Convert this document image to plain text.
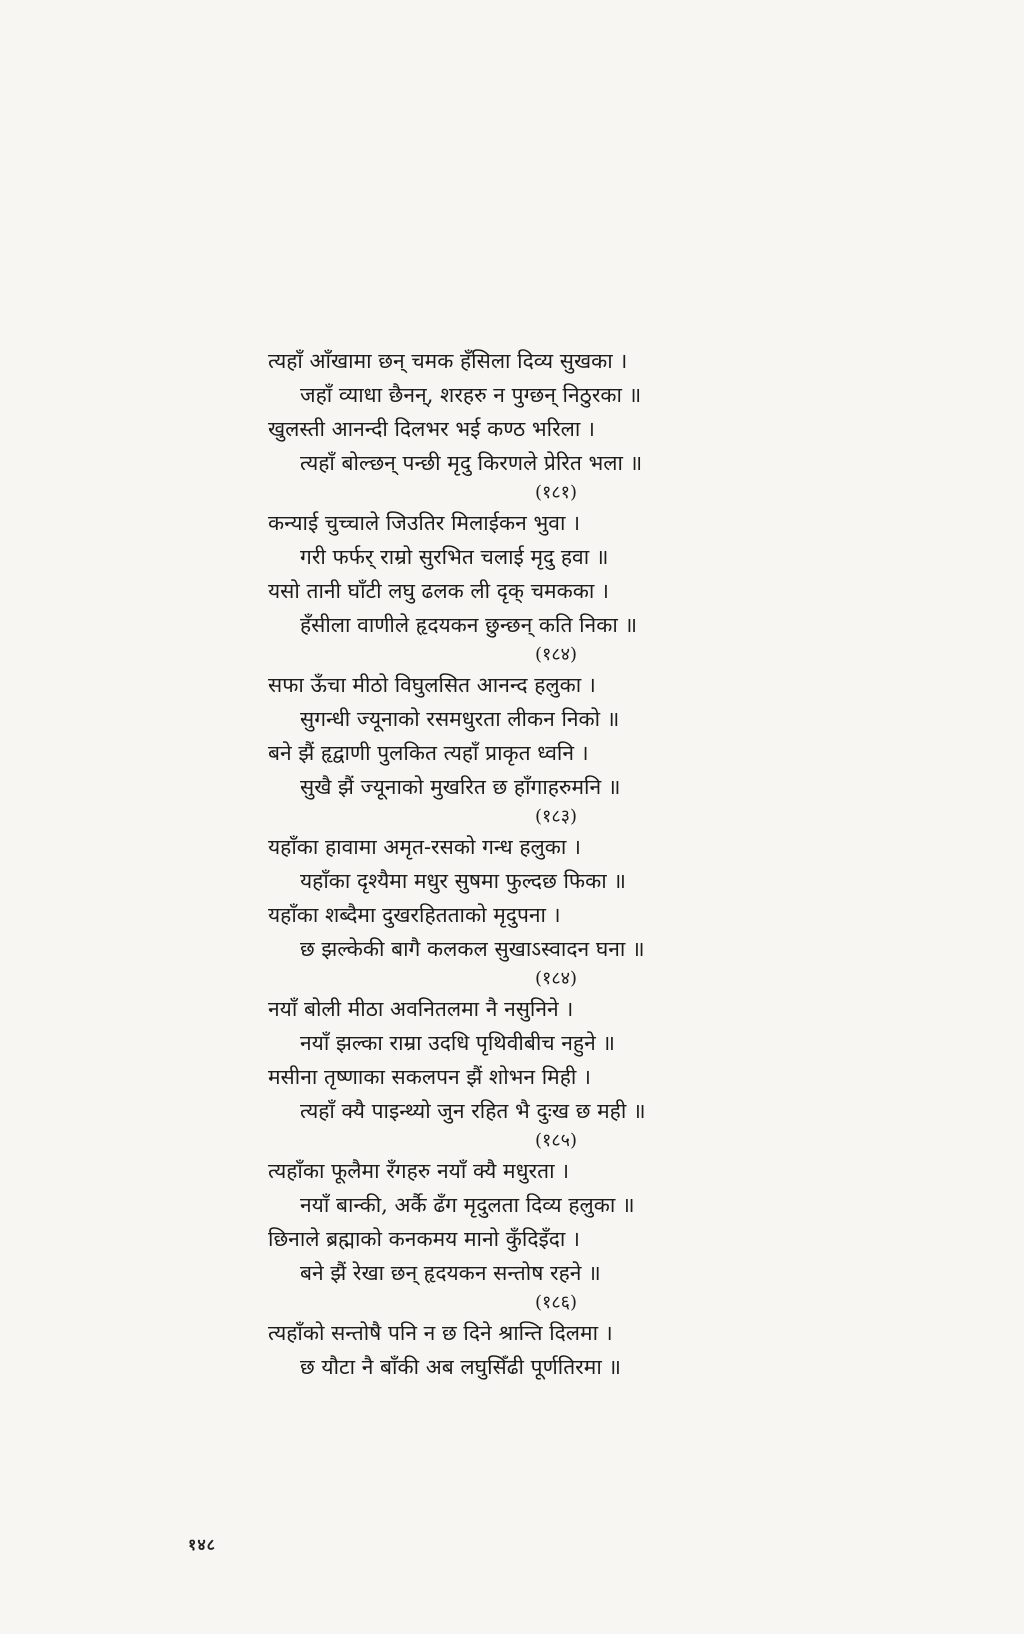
त्यहाँ आँखामा छन् चमक हँसिला दिव्य सुखका ।
जहाँ व्याधा छैनन्, शरहरु न पुग्छन् निठुरका ॥
खुलस्ती आनन्दी दिलभर भई कण्ठ भरिला ।
त्यहाँ बोल्छन् पन्छी मृदु किरणले प्रेरित भला ॥
(१८१)
कन्याई चुच्चाले जिउतिर मिलाईकन भुवा ।
गरी फर्फर् राम्रो सुरभित चलाई मृदु हवा ॥
यसो तानी घाँटी लघु ढलक ली दृक् चमकका ।
हँसीला वाणीले हृदयकन छुन्छन् कति निका ॥
(१८४)
सफा ऊँचा मीठो विघुलसित आनन्द हलुका ।
सुगन्धी ज्यूनाको रसमधुरता लीकन निको ॥
बने झैं हृद्वाणी पुलकित त्यहाँ प्राकृत ध्वनि ।
सुखै झैं ज्यूनाको मुखरित छ हाँगाहरुमनि ॥
(१८३)
यहाँका हावामा अमृत-रसको गन्ध हलुका ।
यहाँका दृश्यैमा मधुर सुषमा फुल्दछ फिका ॥
यहाँका शब्दैमा दुखरहितताको मृदुपना ।
छ झल्केकी बागै कलकल सुखाऽस्वादन घना ॥
(१८४)
नयाँ बोली मीठा अवनितलमा नै नसुनिने ।
नयाँ झल्का राम्रा उदधि पृथिवीबीच नहुने ॥
मसीना तृष्णाका सकलपन झैं शोभन मिही ।
त्यहाँ क्यै पाइन्थ्यो जुन रहित भै दुःख छ मही ॥
(१८५)
त्यहाँका फूलैमा रँगहरु नयाँ क्यै मधुरता ।
नयाँ बान्की, अर्कै ढँग मृदुलता दिव्य हलुका ॥
छिनाले ब्रह्माको कनकमय मानो कुँदिइँदा ।
बने झैं रेखा छन् हृदयकन सन्तोष रहने ॥
(१८६)
त्यहाँको सन्तोषै पनि न छ दिने श्रान्ति दिलमा ।
छ यौटा नै बाँकी अब लघुसिँढी पूर्णतिरमा ॥
१४८
